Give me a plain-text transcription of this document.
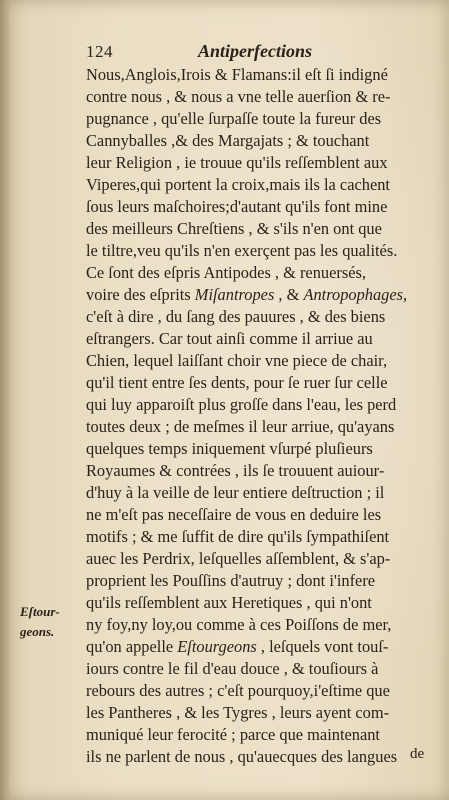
124	Antiperfections
Nous,Anglois,Irois & Flamans:il eſt ſi indigné
contre nous , & nous a vne telle auerſion & re-
pugnance , qu'elle ſurpaſſe toute la fureur des
Cannyballes ,& des Margajats ; & touchant
leur Religion , ie trouue qu'ils reſſemblent aux
Viperes,qui portent la croix,mais ils la cachent
ſous leurs maſchoires;d'autant qu'ils font mine
des meilleurs Chreſtiens , & s'ils n'en ont que
le tiltre,veu qu'ils n'en exerçent pas les qualités.
Ce ſont des eſpris Antipodes , & renuersés,
voire des eſprits Miſantropes , & Antropophages,
c'eſt à dire , du ſang des pauures , & des biens
eſtrangers. Car tout ainſi comme il arriue au
Chien, lequel laiſſant choir vne piece de chair,
qu'il tient entre ſes dents, pour ſe ruer ſur celle
qui luy apparoiſt plus groſſe dans l'eau, les perd
toutes deux ; de meſmes il leur arriue, qu'ayans
quelques temps iniquement vſurpé pluſieurs
Royaumes & contrées , ils ſe trouuent auiour-
d'huy à la veille de leur entiere deſtruction ; il
ne m'eſt pas neceſſaire de vous en deduire les
motifs ; & me ſuffit de dire qu'ils ſympathiſent
auec les Perdrix, leſquelles aſſemblent, & s'ap-
proprient les Pouſſins d'autruy ; dont i'infere
qu'ils reſſemblent aux Heretiques , qui n'ont
ny foy,ny loy,ou comme à ces Poiſſons de mer,
qu'on appelle Eſtourgeons , leſquels vont touſ-
iours contre le fil d'eau douce , & touſiours à
rebours des autres ; c'eſt pourquoy,i'eſtime que
les Pantheres , & les Tygres , leurs ayent com-
muniqué leur ferocité ; parce que maintenant
ils ne parlent de nous , qu'auecques des langues
Eſtour-
geons.
de
